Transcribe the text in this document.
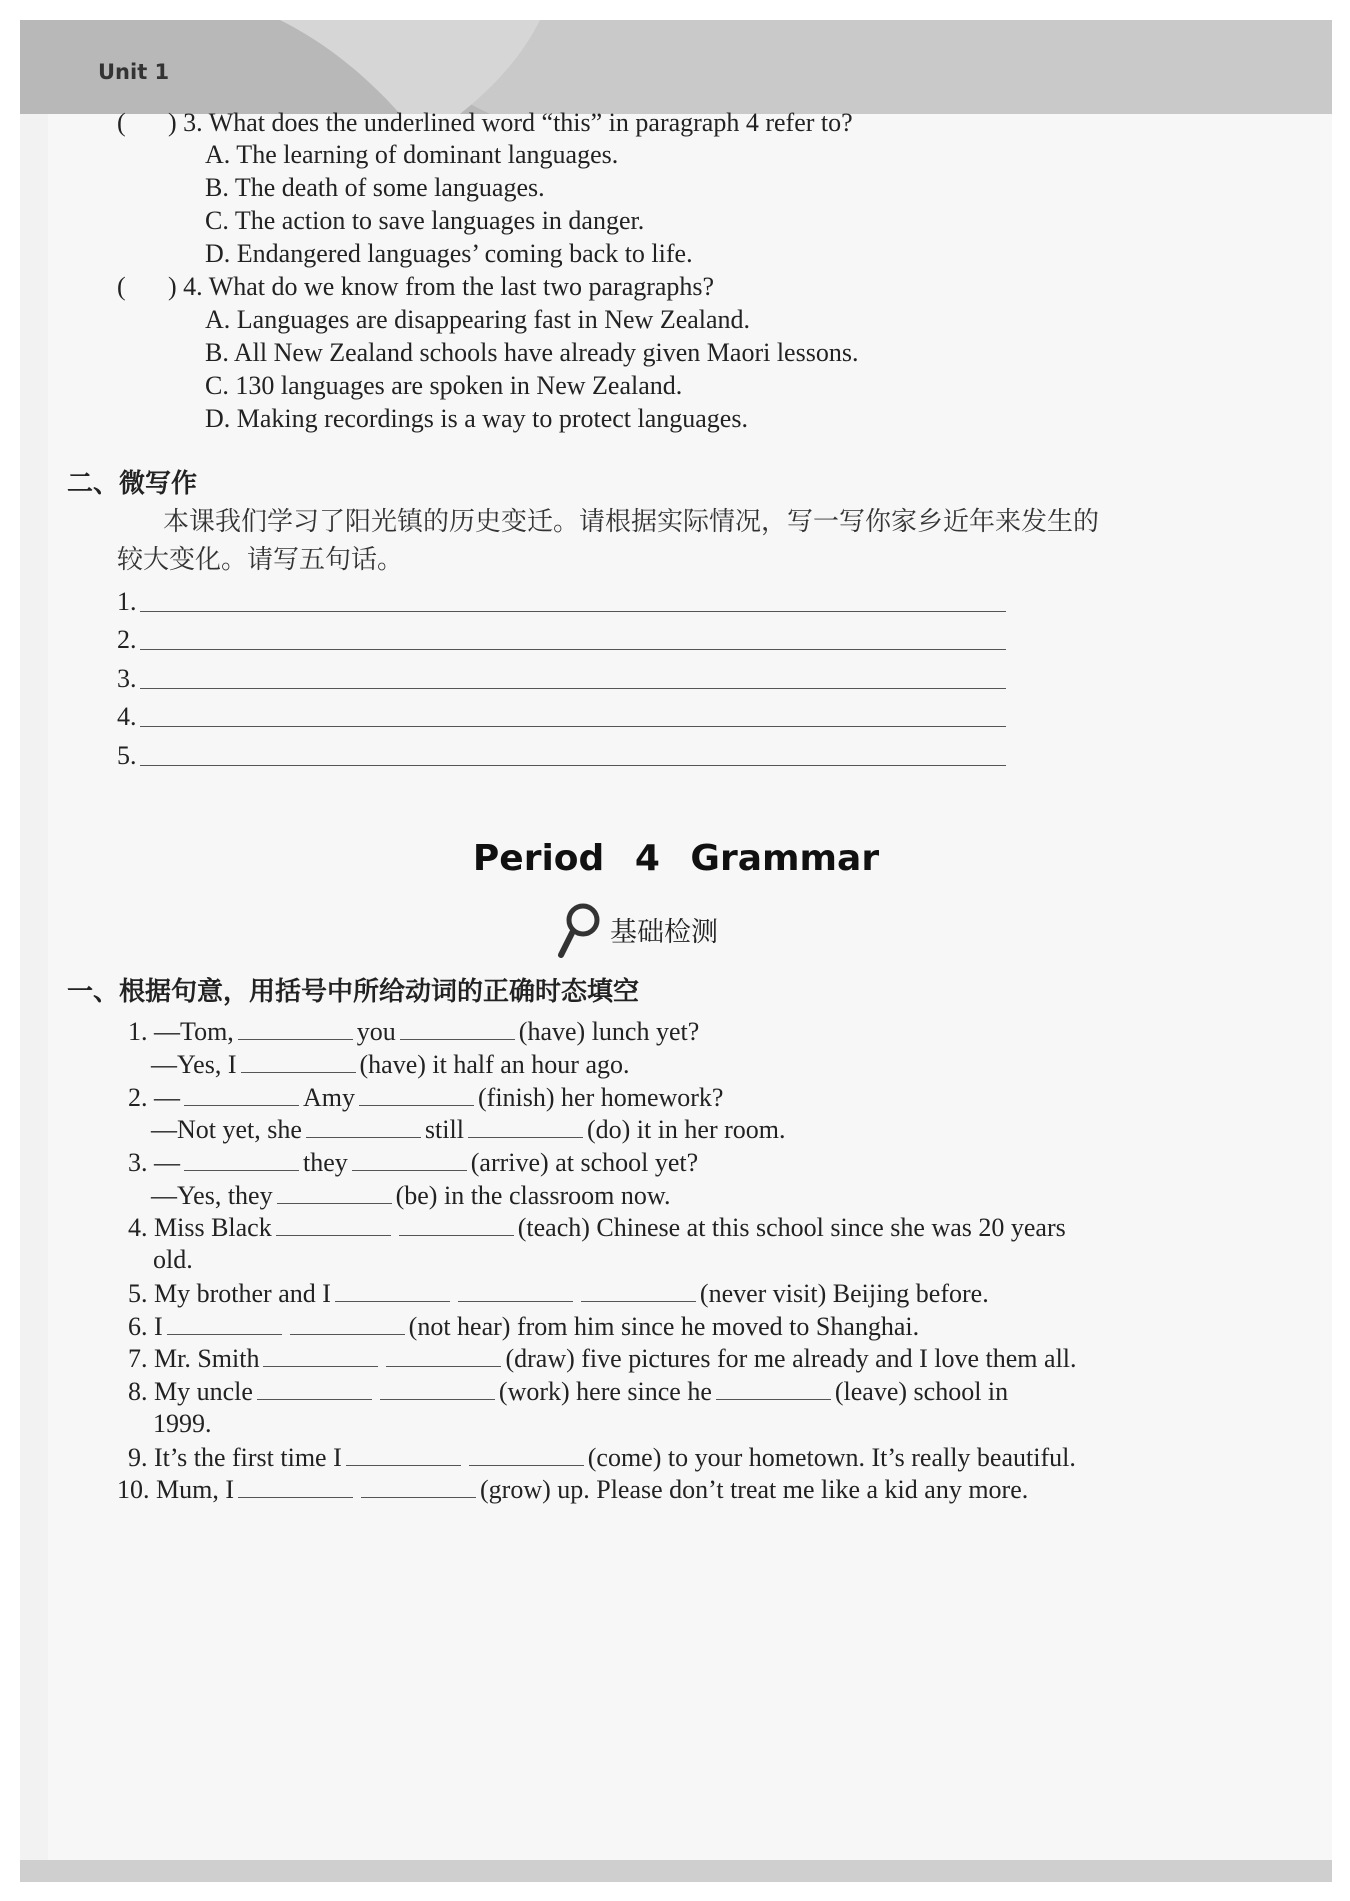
Unit 1
( ) 3. What does the underlined word “this” in paragraph 4 refer to?
A. The learning of dominant languages.
B. The death of some languages.
C. The action to save languages in danger.
D. Endangered languages’ coming back to life.
( ) 4. What do we know from the last two paragraphs?
A. Languages are disappearing fast in New Zealand.
B. All New Zealand schools have already given Maori lessons.
C. 130 languages are spoken in New Zealand.
D. Making recordings is a way to protect languages.
二、微写作
本课我们学习了阳光镇的历史变迁。请根据实际情况，写一写你家乡近年来发生的
较大变化。请写五句话。
1.
2.
3.
4.
5.
Period 4 Grammar
基础检测
一、根据句意，用括号中所给动词的正确时态填空
1. —Tom,	you	(have) lunch yet?
—Yes, I	(have) it half an hour ago.
2. —	Amy	(finish) her homework?
—Not yet, she	still	(do) it in her room.
3. —	they	(arrive) at school yet?
—Yes, they	(be) in the classroom now.
4. Miss Black	(teach) Chinese at this school since she was 20 years
old.
5. My brother and I	(never visit) Beijing before.
6. I	(not hear) from him since he moved to Shanghai.
7. Mr. Smith	(draw) five pictures for me already and I love them all.
8. My uncle	(work) here since he	(leave) school in
1999.
9. It’s the first time I	(come) to your hometown. It’s really beautiful.
10. Mum, I	(grow) up. Please don’t treat me like a kid any more.
